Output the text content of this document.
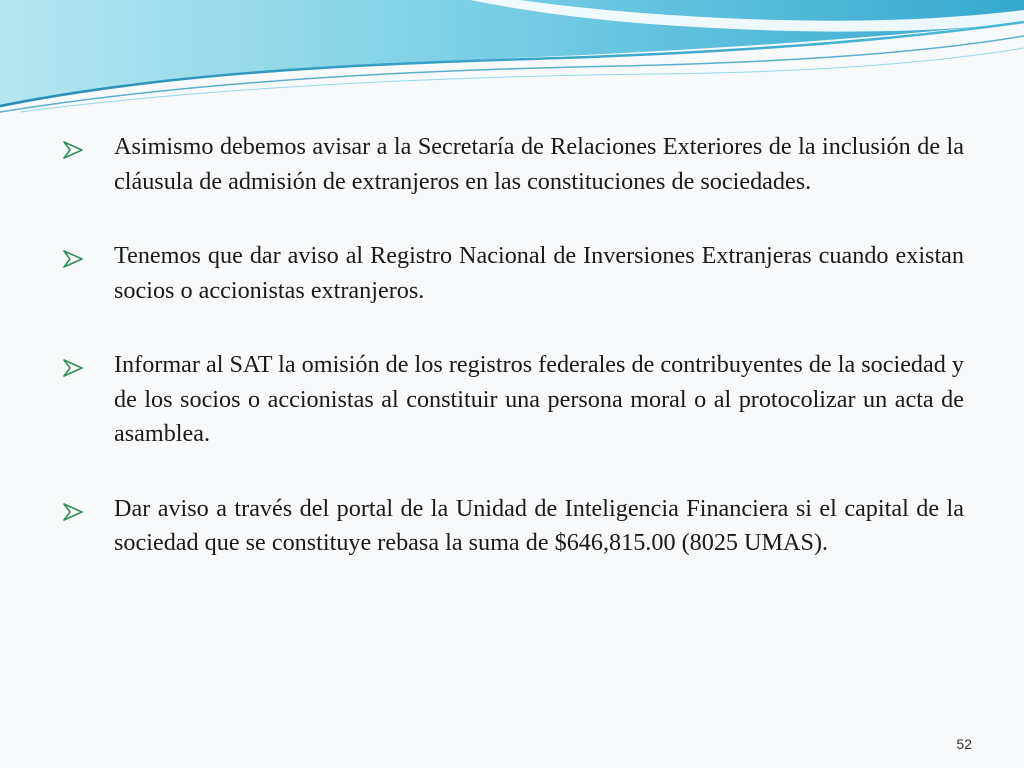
Asimismo debemos avisar a la Secretaría de Relaciones Exteriores de la inclusión de la cláusula de admisión de extranjeros en las constituciones de sociedades.
Tenemos que dar aviso al Registro Nacional de Inversiones Extranjeras cuando existan socios o accionistas extranjeros.
Informar al SAT la omisión de los registros federales de contribuyentes de la sociedad y de los socios o accionistas al constituir una persona moral o al protocolizar un acta de asamblea.
Dar aviso a través del portal de la Unidad de Inteligencia Financiera si el capital de la sociedad que se constituye rebasa la suma de $646,815.00 (8025 UMAS).
52
